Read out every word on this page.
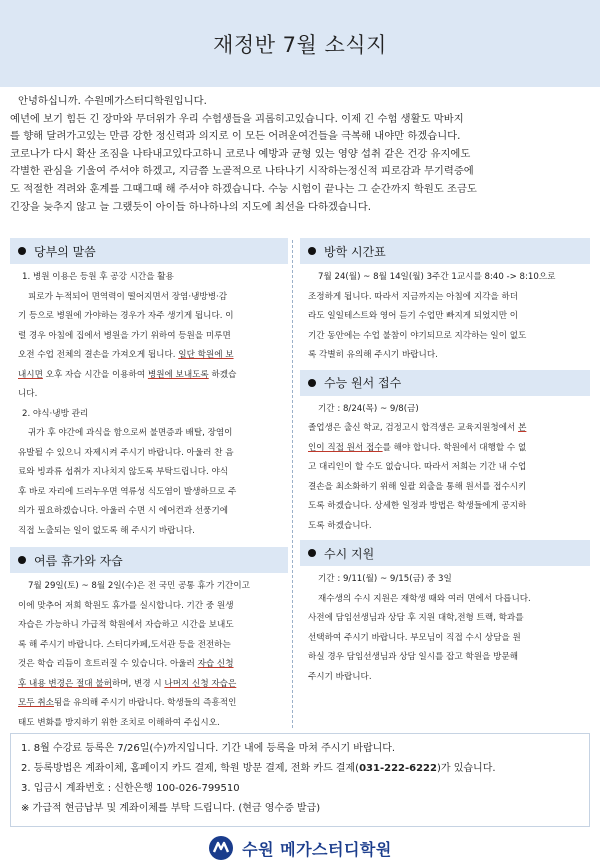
재정반 7월 소식지

안녕하십니까. 수원메가스터디학원입니다.

예년에 보기 힘든 긴 장마와 무더위가 우리 수험생들을 괴롭히고있습니다. 이제 긴 수험 생활도 막바지

를 향해 달려가고있는 만큼 강한 정신력과 의지로 이 모든 어려운여건들을 극복해 내야만 하겠습니다.

코로나가 다시 확산 조짐을 나타내고있다고하니 코로나 예방과 균형 있는 영양 섭취 같은 건강 유지에도

각별한 관심을 기울여 주셔야 하겠고, 지금쯤 노골적으로 나타나기 시작하는정신적 피로감과 무기력증에

도 적절한 격려와 훈계를 그때그때 해 주셔야 하겠습니다. 수능 시험이 끝나는 그 순간까지 학원도 조금도

긴장을 늦추지 않고 늘 그랬듯이 아이들 하나하나의 지도에 최선을 다하겠습니다.

당부의 말씀
1. 병원 이용은 등원 후 공강 시간을 활용
피로가 누적되어 면역력이 떨어지면서 장염·냉방병·감
기 등으로 병원에 가야하는 경우가 자주 생기게 됩니다. 이
럴 경우 아침에 집에서 병원을 가기 위하여 등원을 미루면
오전 수업 전체의 결손을 가져오게 됩니다. 일단 학원에 보
내시면 오후 자습 시간을 이용하여 병원에 보내도록 하겠습
니다.
2. 야식·냉방 관리
귀가 후 야간에 과식을 함으로써 불면증과 배탈, 장염이
유발될 수 있으니 자제시켜 주시기 바랍니다. 아울러 찬 음
료와 빙과류 섭취가 지나치지 않도록 부탁드립니다. 야식
후 바로 자리에 드러누우면 역류성 식도염이 발생하므로 주
의가 필요하겠습니다. 아울러 수면 시 에어컨과 선풍기에
직접 노출되는 일이 없도록 해 주시기 바랍니다.
여름 휴가와 자습
7월 29일(토) ~ 8월 2일(수)은 전 국민 공통 휴가 기간이고
이에 맞추어 저희 학원도 휴가를 실시합니다. 기간 중 원생
자습은 가능하니 가급적 학원에서 자습하고 시간을 보내도
록 해 주시기 바랍니다. 스터디카페,도서관 등을 전전하는
것은 학습 리듬이 흐트러질 수 있습니다. 아울러 자습 신청
후 내용 변경은 절대 불허하며, 변경 시 나머지 신청 자습은
모두 취소됨을 유의해 주시기 바랍니다. 학생들의 즉흥적인
태도 변화를 방지하기 위한 조치로 이해하여 주십시오.
방학 시간표
7월 24(월) ~ 8월 14일(월) 3주간 1교시를 8:40 -> 8:10으로
조정하게 됩니다. 따라서 지금까지는 아침에 지각을 하더
라도 일일테스트와 영어 듣기 수업만 빠지게 되었지만 이
기간 동안에는 수업 불참이 야기되므로 지각하는 일이 없도
록 각별히 유의해 주시기 바랍니다.
수능 원서 접수
기간 : 8/24(목) ~ 9/8(금)
졸업생은 출신 학교, 검정고시 합격생은 교육지원청에서 본
인이 직접 원서 접수를 해야 합니다. 학원에서 대행할 수 없
고 대리인이 할 수도 없습니다. 따라서 저희는 기간 내 수업
결손을 최소화하기 위해 일괄 외출을 통해 원서를 접수시키
도록 하겠습니다. 상세한 일정과 방법은 학생들에게 공지하
도록 하겠습니다.
수시 지원
기간 : 9/11(월) ~ 9/15(금) 중 3일
재수생의 수시 지원은 재학생 때와 여러 면에서 다릅니다.
사전에 담임선생님과 상담 후 지원 대학,전형 트랙, 학과를
선택하여 주시기 바랍니다. 부모님이 직접 수시 상담을 원
하실 경우 담임선생님과 상담 일시를 잡고 학원을 방문해
주시기 바랍니다.
1. 8월 수강료 등록은 7/26일(수)까지입니다. 기간 내에 등록을 마쳐 주시기 바랍니다.
2. 등록방법은 계좌이체, 홈페이지 카드 결제, 학원 방문 결제, 전화 카드 결제(031-222-6222)가 있습니다.
3. 입금시 계좌번호 : 신한은행 100-026-799510
※ 가급적 현금납부 및 계좌이체를 부탁 드립니다. (현금 영수증 발급)
수원 메가스터디학원
